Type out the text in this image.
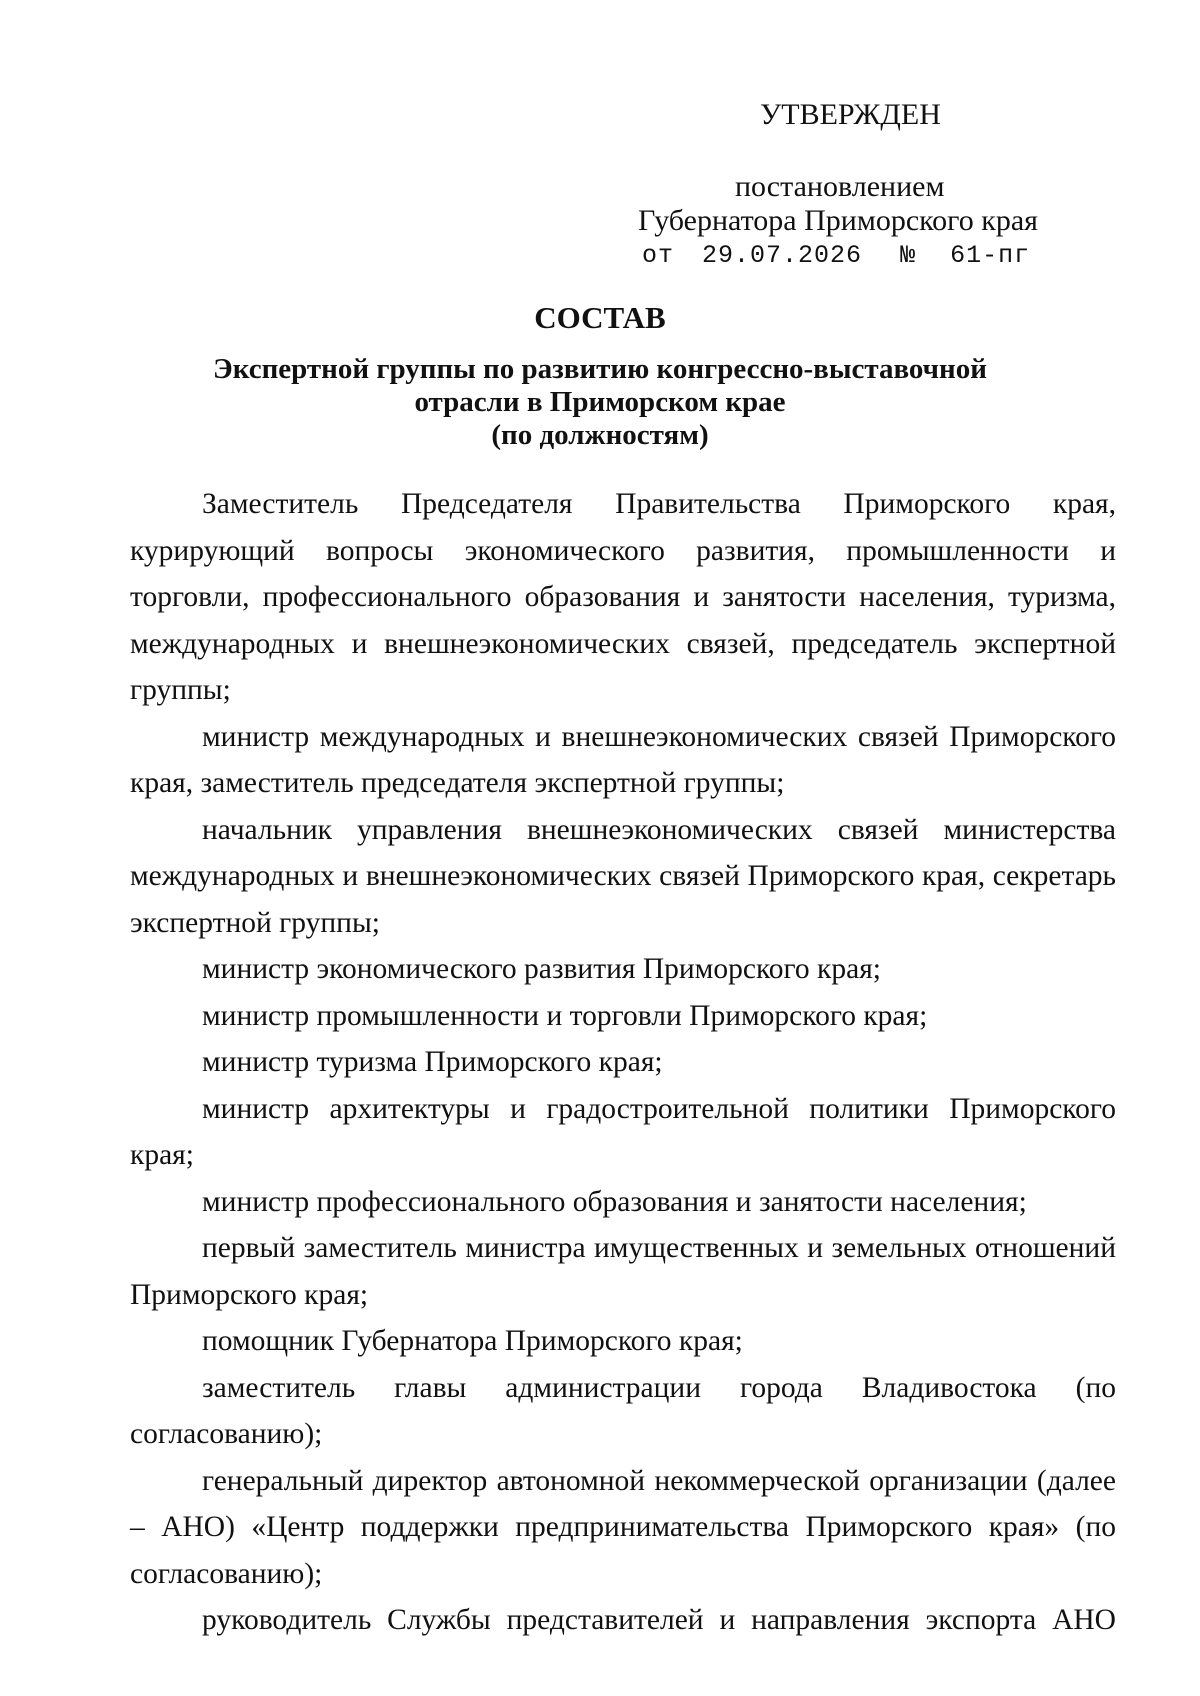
УТВЕРЖДЕН
постановлением
Губернатора Приморского края
от 29.07.2026 № 61-пг
СОСТАВ
Экспертной группы по развитию конгрессно-выставочной
отрасли в Приморском крае
(по должностям)

Заместитель Председателя Правительства Приморского края, курирующий вопросы экономического развития, промышленности и торговли, профессионального образования и занятости населения, туризма, международных и внешнеэкономических связей, председатель экспертной группы;

министр международных и внешнеэкономических связей Приморского края, заместитель председателя экспертной группы;

начальник управления внешнеэкономических связей министерства международных и внешнеэкономических связей Приморского края, секретарь экспертной группы;

министр экономического развития Приморского края;

министр промышленности и торговли Приморского края;

министр туризма Приморского края;

министр архитектуры и градостроительной политики Приморского края;

министр профессионального образования и занятости населения;

первый заместитель министра имущественных и земельных отношений Приморского края;

помощник Губернатора Приморского края;

заместитель главы администрации города Владивостока (по согласованию);

генеральный директор автономной некоммерческой организации (далее – АНО) «Центр поддержки предпринимательства Приморского края» (по согласованию);

руководитель Службы представителей и направления экспорта АНО
